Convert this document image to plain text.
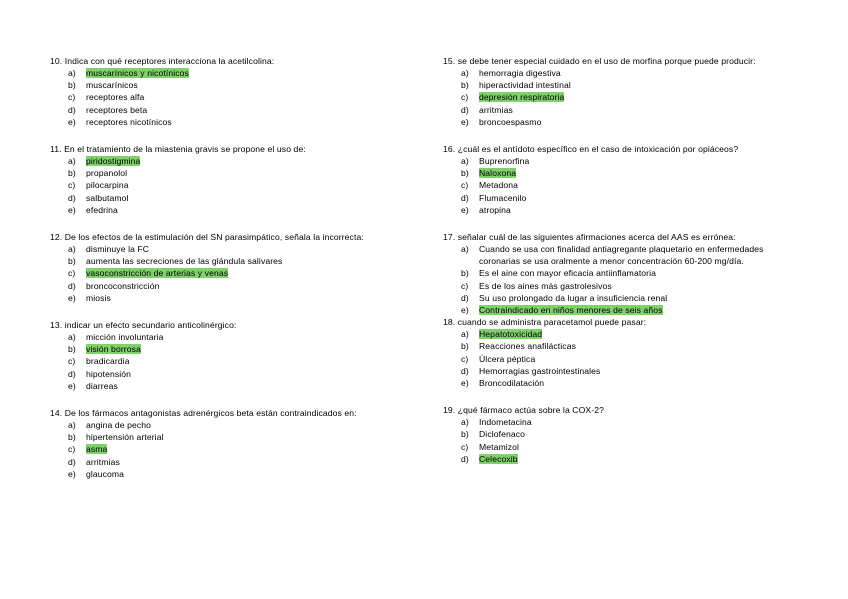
10. Indica con qué receptores interacciona la acetilcolina:
a) muscarínicos y nicotínicos
b) muscarínicos
c) receptores alfa
d) receptores beta
e) receptores nicotínicos
11. En el tratamiento de la miastenia gravis se propone el uso de:
a) piridostigmina
b) propanolol
c) pilocarpina
d) salbutamol
e) efedrina
12. De los efectos de la estimulación del SN parasimpático, señala la incorrecta:
a) disminuye la FC
b) aumenta las secreciones de las glándula salivares
c) vasoconstricción de arterias y venas
d) broncoconstricción
e) miosis
13. indicar un efecto secundario anticolinérgico:
a) micción involuntaria
b) visión borrosa
c) bradicardia
d) hipotensión
e) diarreas
14. De los fármacos antagonistas adrenérgicos beta están contraindicados en:
a) angina de pecho
b) hipertensión arterial
c) asma
d) arritmias
e) glaucoma
15. se debe tener especial cuidado en el uso de morfina porque puede producir:
a) hemorragia digestiva
b) hiperactividad intestinal
c) depresión respiratoria
d) arritmias
e) broncoespasmo
16. ¿cuál es el antídoto específico en el caso de intoxicación por opiáceos?
a) Buprenorfina
b) Naloxona
c) Metadona
d) Flumacenilo
e) atropina
17. señalar cuál de las siguientes afirmaciones acerca del AAS es errónea:
a) Cuando se usa con finalidad antiagregante plaquetario en enfermedades coronarias se usa oralmente a menor concentración 60-200 mg/día.
b) Es el aine con mayor eficacia antiinflamatoria
c) Es de los aines más gastrolesivos
d) Su uso prolongado da lugar a insuficiencia renal
e) Contraindicado en niños menores de seis años
18. cuando se administra paracetamol puede pasar:
a) Hepatotoxicidad
b) Reacciones anafilácticas
c) Úlcera péptica
d) Hemorragias gastrointestinales
e) Broncodilatación
19. ¿qué fármaco actúa sobre la COX-2?
a) Indometacina
b) Diclofenaco
c) Metamizol
d) Celecoxib
